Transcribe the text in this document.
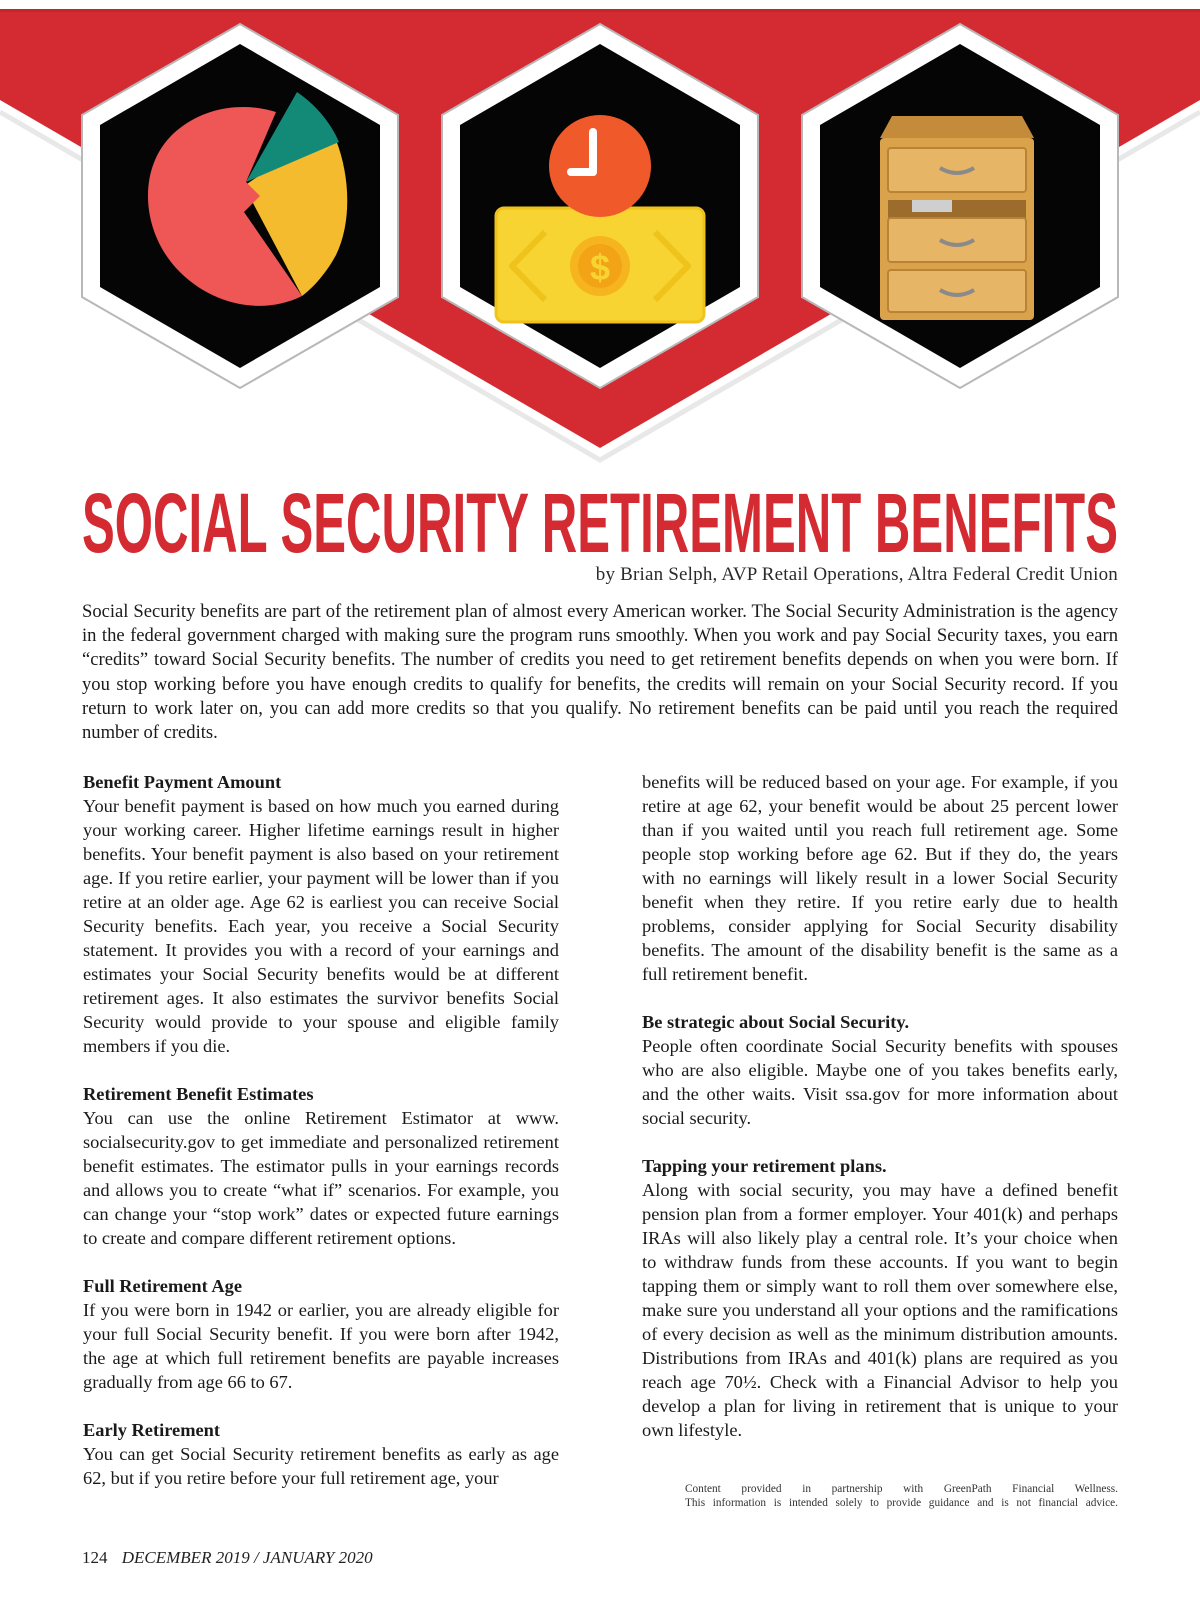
$
SOCIAL SECURITY RETIREMENT BENEFITS
by Brian Selph, AVP Retail Operations, Altra Federal Credit Union

Social Security benefits are part of the retirement plan of almost every American worker. The Social Security Administration is the agency in the federal government charged with making sure the program runs smoothly. When you work and pay Social Security taxes, you earn “credits” toward Social Security benefits. The number of credits you need to get retirement benefits depends on when you were born. If you stop working before you have enough credits to qualify for benefits, the credits will remain on your Social Security record. If you return to work later on, you can add more credits so that you qualify. No retirement benefits can be paid until you reach the required number of credits.

Benefit Payment Amount

Your benefit payment is based on how much you earned during your working career. Higher lifetime earnings result in higher benefits. Your benefit payment is also based on your retirement age. If you retire earlier, your payment will be lower than if you retire at an older age. Age 62 is earliest you can receive Social Security benefits. Each year, you receive a Social Security statement. It provides you with a record of your earnings and estimates your Social Security benefits would be at different retirement ages. It also estimates the survivor benefits Social Security would provide to your spouse and eligible family members if you die.

Retirement Benefit Estimates

You can use the online Retirement Estimator at www. socialsecurity.gov to get immediate and personalized retirement benefit estimates. The estimator pulls in your earnings records and allows you to create “what if” scenarios. For example, you can change your “stop work” dates or expected future earnings to create and compare different retirement options.

Full Retirement Age

If you were born in 1942 or earlier, you are already eligible for your full Social Security benefit. If you were born after 1942, the age at which full retirement benefits are payable increases gradually from age 66 to 67.

Early Retirement

You can get Social Security retirement benefits as early as age 62, but if you retire before your full retirement age, your

benefits will be reduced based on your age. For example, if you retire at age 62, your benefit would be about 25 percent lower than if you waited until you reach full retirement age. Some people stop working before age 62. But if they do, the years with no earnings will likely result in a lower Social Security benefit when they retire. If you retire early due to health problems, consider applying for Social Security disability benefits. The amount of the disability benefit is the same as a full retirement benefit.

Be strategic about Social Security.

People often coordinate Social Security benefits with spouses who are also eligible. Maybe one of you takes benefits early, and the other waits. Visit ssa.gov for more information about social security.

Tapping your retirement plans.

Along with social security, you may have a defined benefit pension plan from a former employer. Your 401(k) and perhaps IRAs will also likely play a central role. It’s your choice when to withdraw funds from these accounts. If you want to begin tapping them or simply want to roll them over somewhere else, make sure you understand all your options and the ramifications of every decision as well as the minimum distribution amounts. Distributions from IRAs and 401(k) plans are required as you reach age 70½. Check with a Financial Advisor to help you develop a plan for living in retirement that is unique to your own lifestyle.

Content provided in partnership with GreenPath Financial Wellness.
This information is intended solely to provide guidance and is not financial advice.
124 DECEMBER 2019 / JANUARY 2020
